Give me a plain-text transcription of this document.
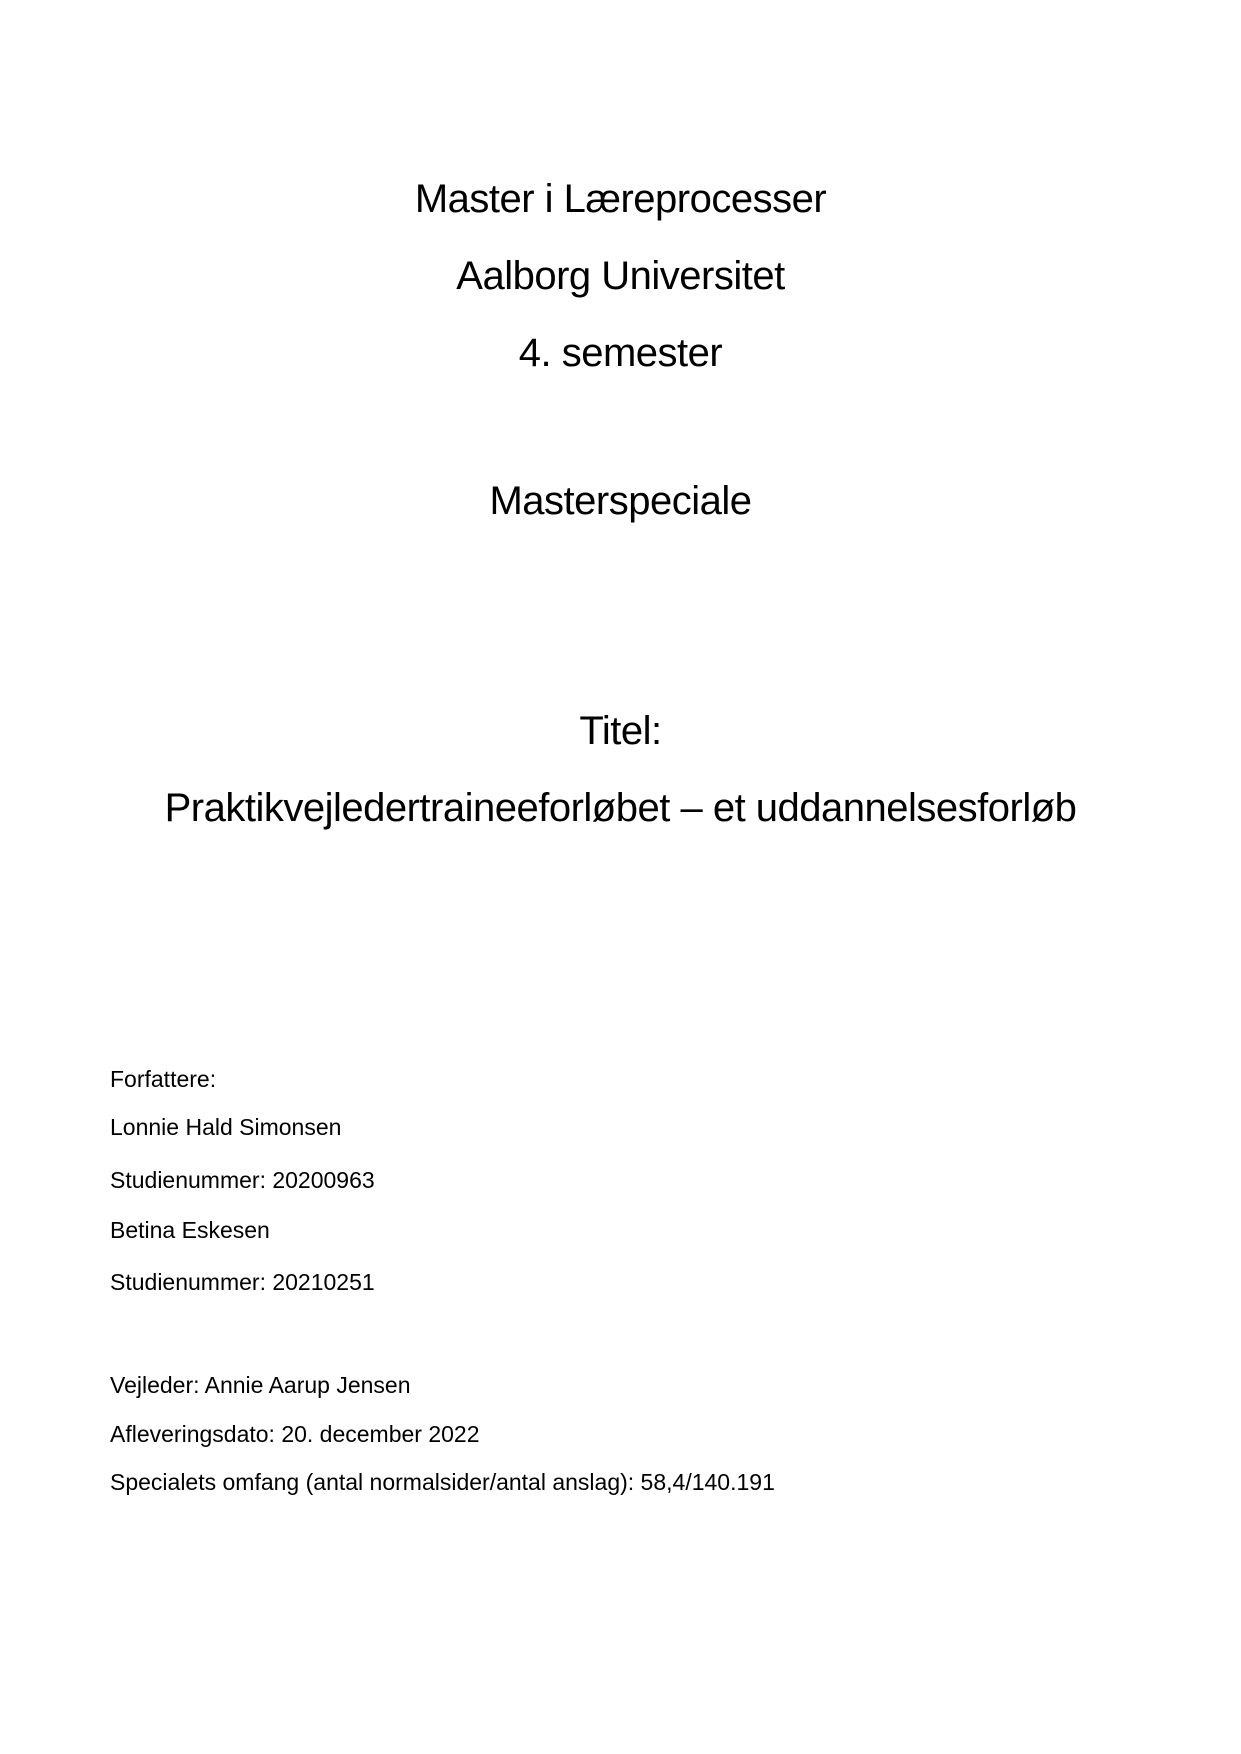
Master i Læreprocesser
Aalborg Universitet
4. semester
Masterspeciale
Titel:
Praktikvejledertraineeforløbet – et uddannelsesforløb
Forfattere:
Lonnie Hald Simonsen
Studienummer: 20200963
Betina Eskesen
Studienummer: 20210251
Vejleder: Annie Aarup Jensen
Afleveringsdato: 20. december 2022
Specialets omfang (antal normalsider/antal anslag): 58,4/140.191
